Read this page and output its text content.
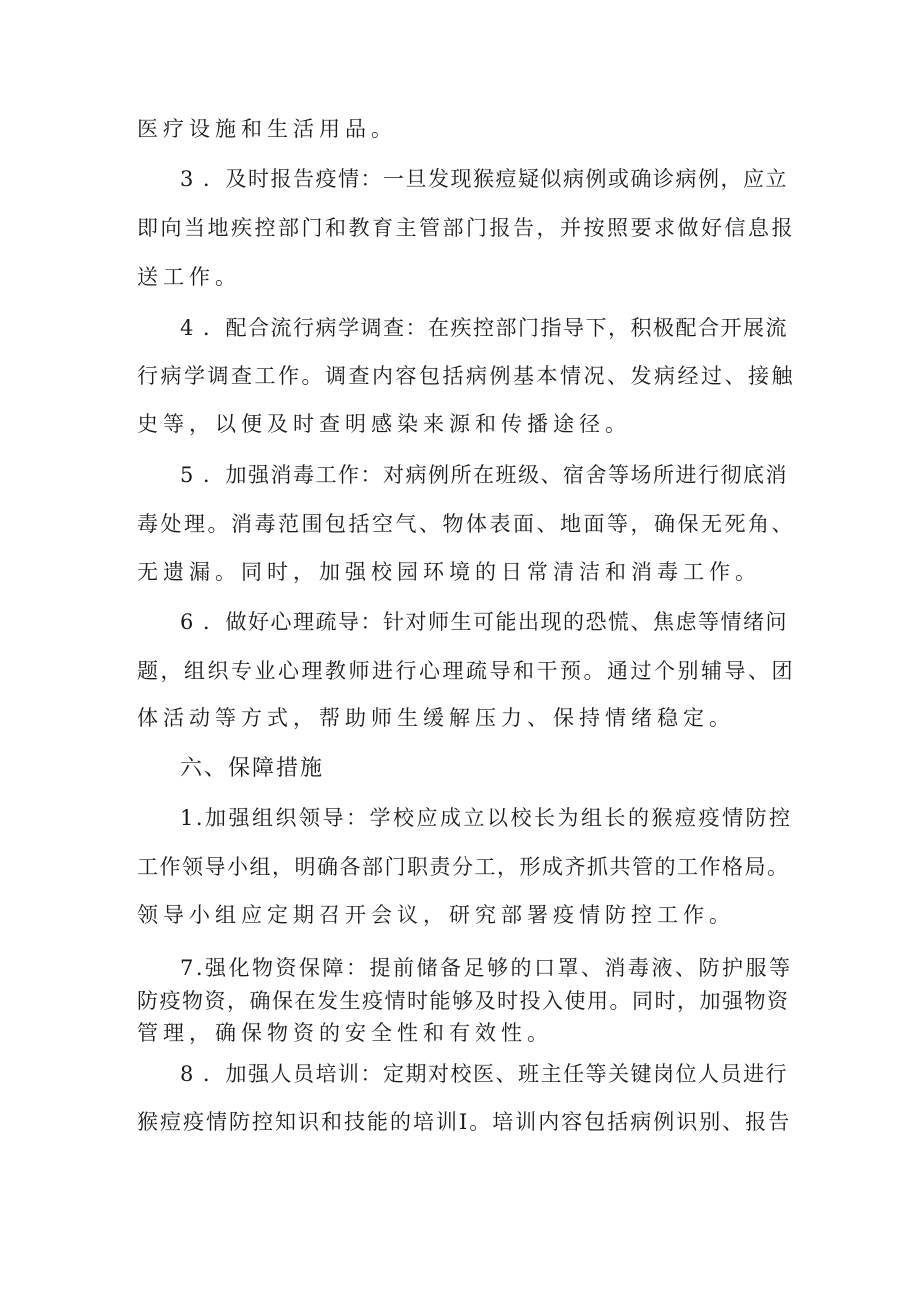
医疗设施和生活用品。
3 ．及时报告疫情：一旦发现猴痘疑似病例或确诊病例，应立
即向当地疾控部门和教育主管部门报告，并按照要求做好信息报
送工作。
4 ．配合流行病学调查：在疾控部门指导下，积极配合开展流
行病学调查工作。调查内容包括病例基本情况、发病经过、接触
史等，以便及时查明感染来源和传播途径。
5 ．加强消毒工作：对病例所在班级、宿舍等场所进行彻底消
毒处理。消毒范围包括空气、物体表面、地面等，确保无死角、
无遗漏。同时，加强校园环境的日常清洁和消毒工作。
6 ．做好心理疏导：针对师生可能出现的恐慌、焦虑等情绪问
题，组织专业心理教师进行心理疏导和干预。通过个别辅导、团
体活动等方式，帮助师生缓解压力、保持情绪稳定。
六、保障措施
1.加强组织领导：学校应成立以校长为组长的猴痘疫情防控
工作领导小组，明确各部门职责分工，形成齐抓共管的工作格局。
领导小组应定期召开会议，研究部署疫情防控工作。
7.强化物资保障：提前储备足够的口罩、消毒液、防护服等
防疫物资，确保在发生疫情时能够及时投入使用。同时，加强物资
管理，确保物资的安全性和有效性。
8 ．加强人员培训：定期对校医、班主任等关键岗位人员进行
猴痘疫情防控知识和技能的培训I。培训内容包括病例识别、报告
